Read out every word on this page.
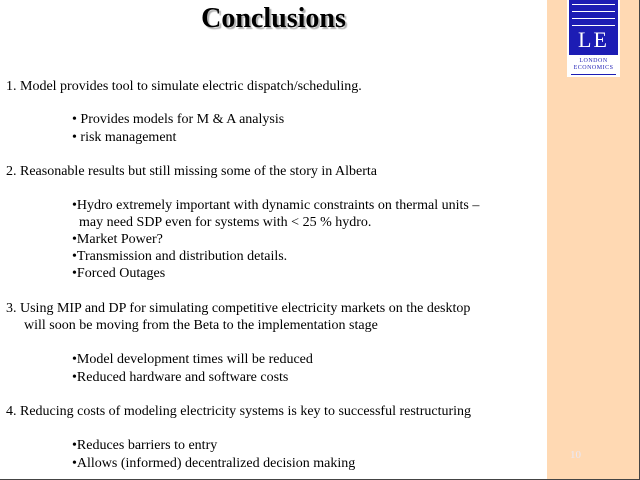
LE
LONDON
ECONOMICS
Conclusions
1. Model provides tool to simulate electric dispatch/scheduling.
• Provides models for M & A analysis
• risk management
2. Reasonable results but still missing some of the story in Alberta
•Hydro extremely important with dynamic constraints on thermal units –
may need SDP even for systems with < 25 % hydro.
•Market Power?
•Transmission and distribution details.
•Forced Outages
3. Using MIP and DP for simulating competitive electricity markets on the desktop
will soon be moving from the Beta to the implementation stage
•Model development times will be reduced
•Reduced hardware and software costs
4. Reducing costs of modeling electricity systems is key to successful restructuring
•Reduces barriers to entry
•Allows (informed) decentralized decision making
10
